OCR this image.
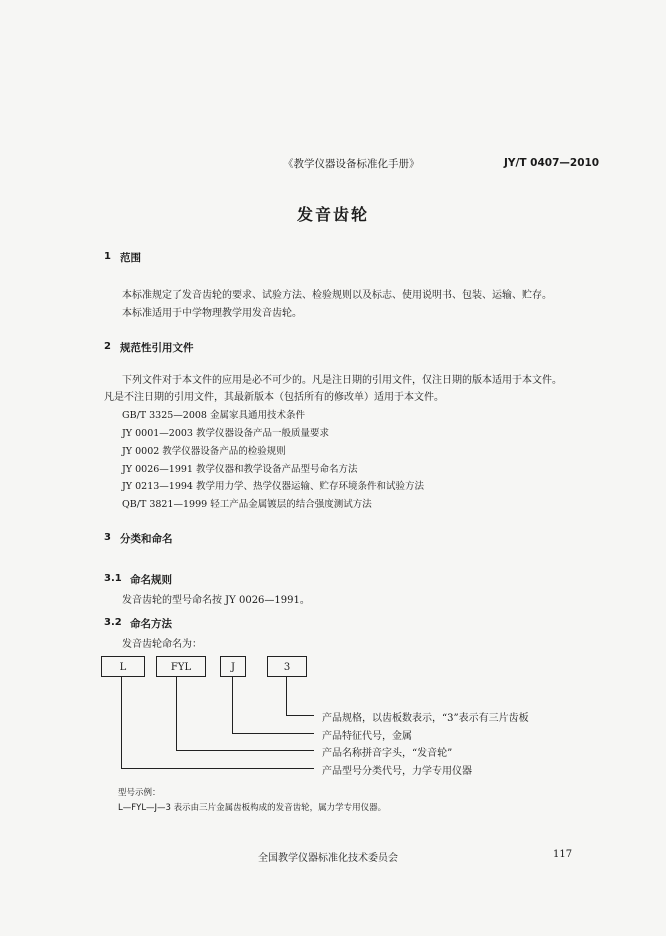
《教学仪器设备标准化手册》	JY/T 0407—2010
发音齿轮
1 范围
本标准规定了发音齿轮的要求、试验方法、检验规则以及标志、使用说明书、包装、运输、贮存。
本标准适用于中学物理教学用发音齿轮。
2 规范性引用文件
下列文件对于本文件的应用是必不可少的。凡是注日期的引用文件，仅注日期的版本适用于本文件。
凡是不注日期的引用文件，其最新版本（包括所有的修改单）适用于本文件。
GB/T 3325—2008 金属家具通用技术条件
JY 0001—2003 教学仪器设备产品一般质量要求
JY 0002 教学仪器设备产品的检验规则
JY 0026—1991 教学仪器和教学设备产品型号命名方法
JY 0213—1994 教学用力学、热学仪器运输、贮存环境条件和试验方法
QB/T 3821—1999 轻工产品金属镀层的结合强度测试方法
3 分类和命名
3.1 命名规则
发音齿轮的型号命名按 JY 0026—1991。
3.2 命名方法
发音齿轮命名为：
L	FYL	J	3
产品规格，以齿板数表示，“3”表示有三片齿板
产品特征代号，金属
产品名称拼音字头，“发音轮”
产品型号分类代号，力学专用仪器
型号示例：
L—FYL—J—3 表示由三片金属齿板构成的发音齿轮，属力学专用仪器。
全国教学仪器标准化技术委员会	117
